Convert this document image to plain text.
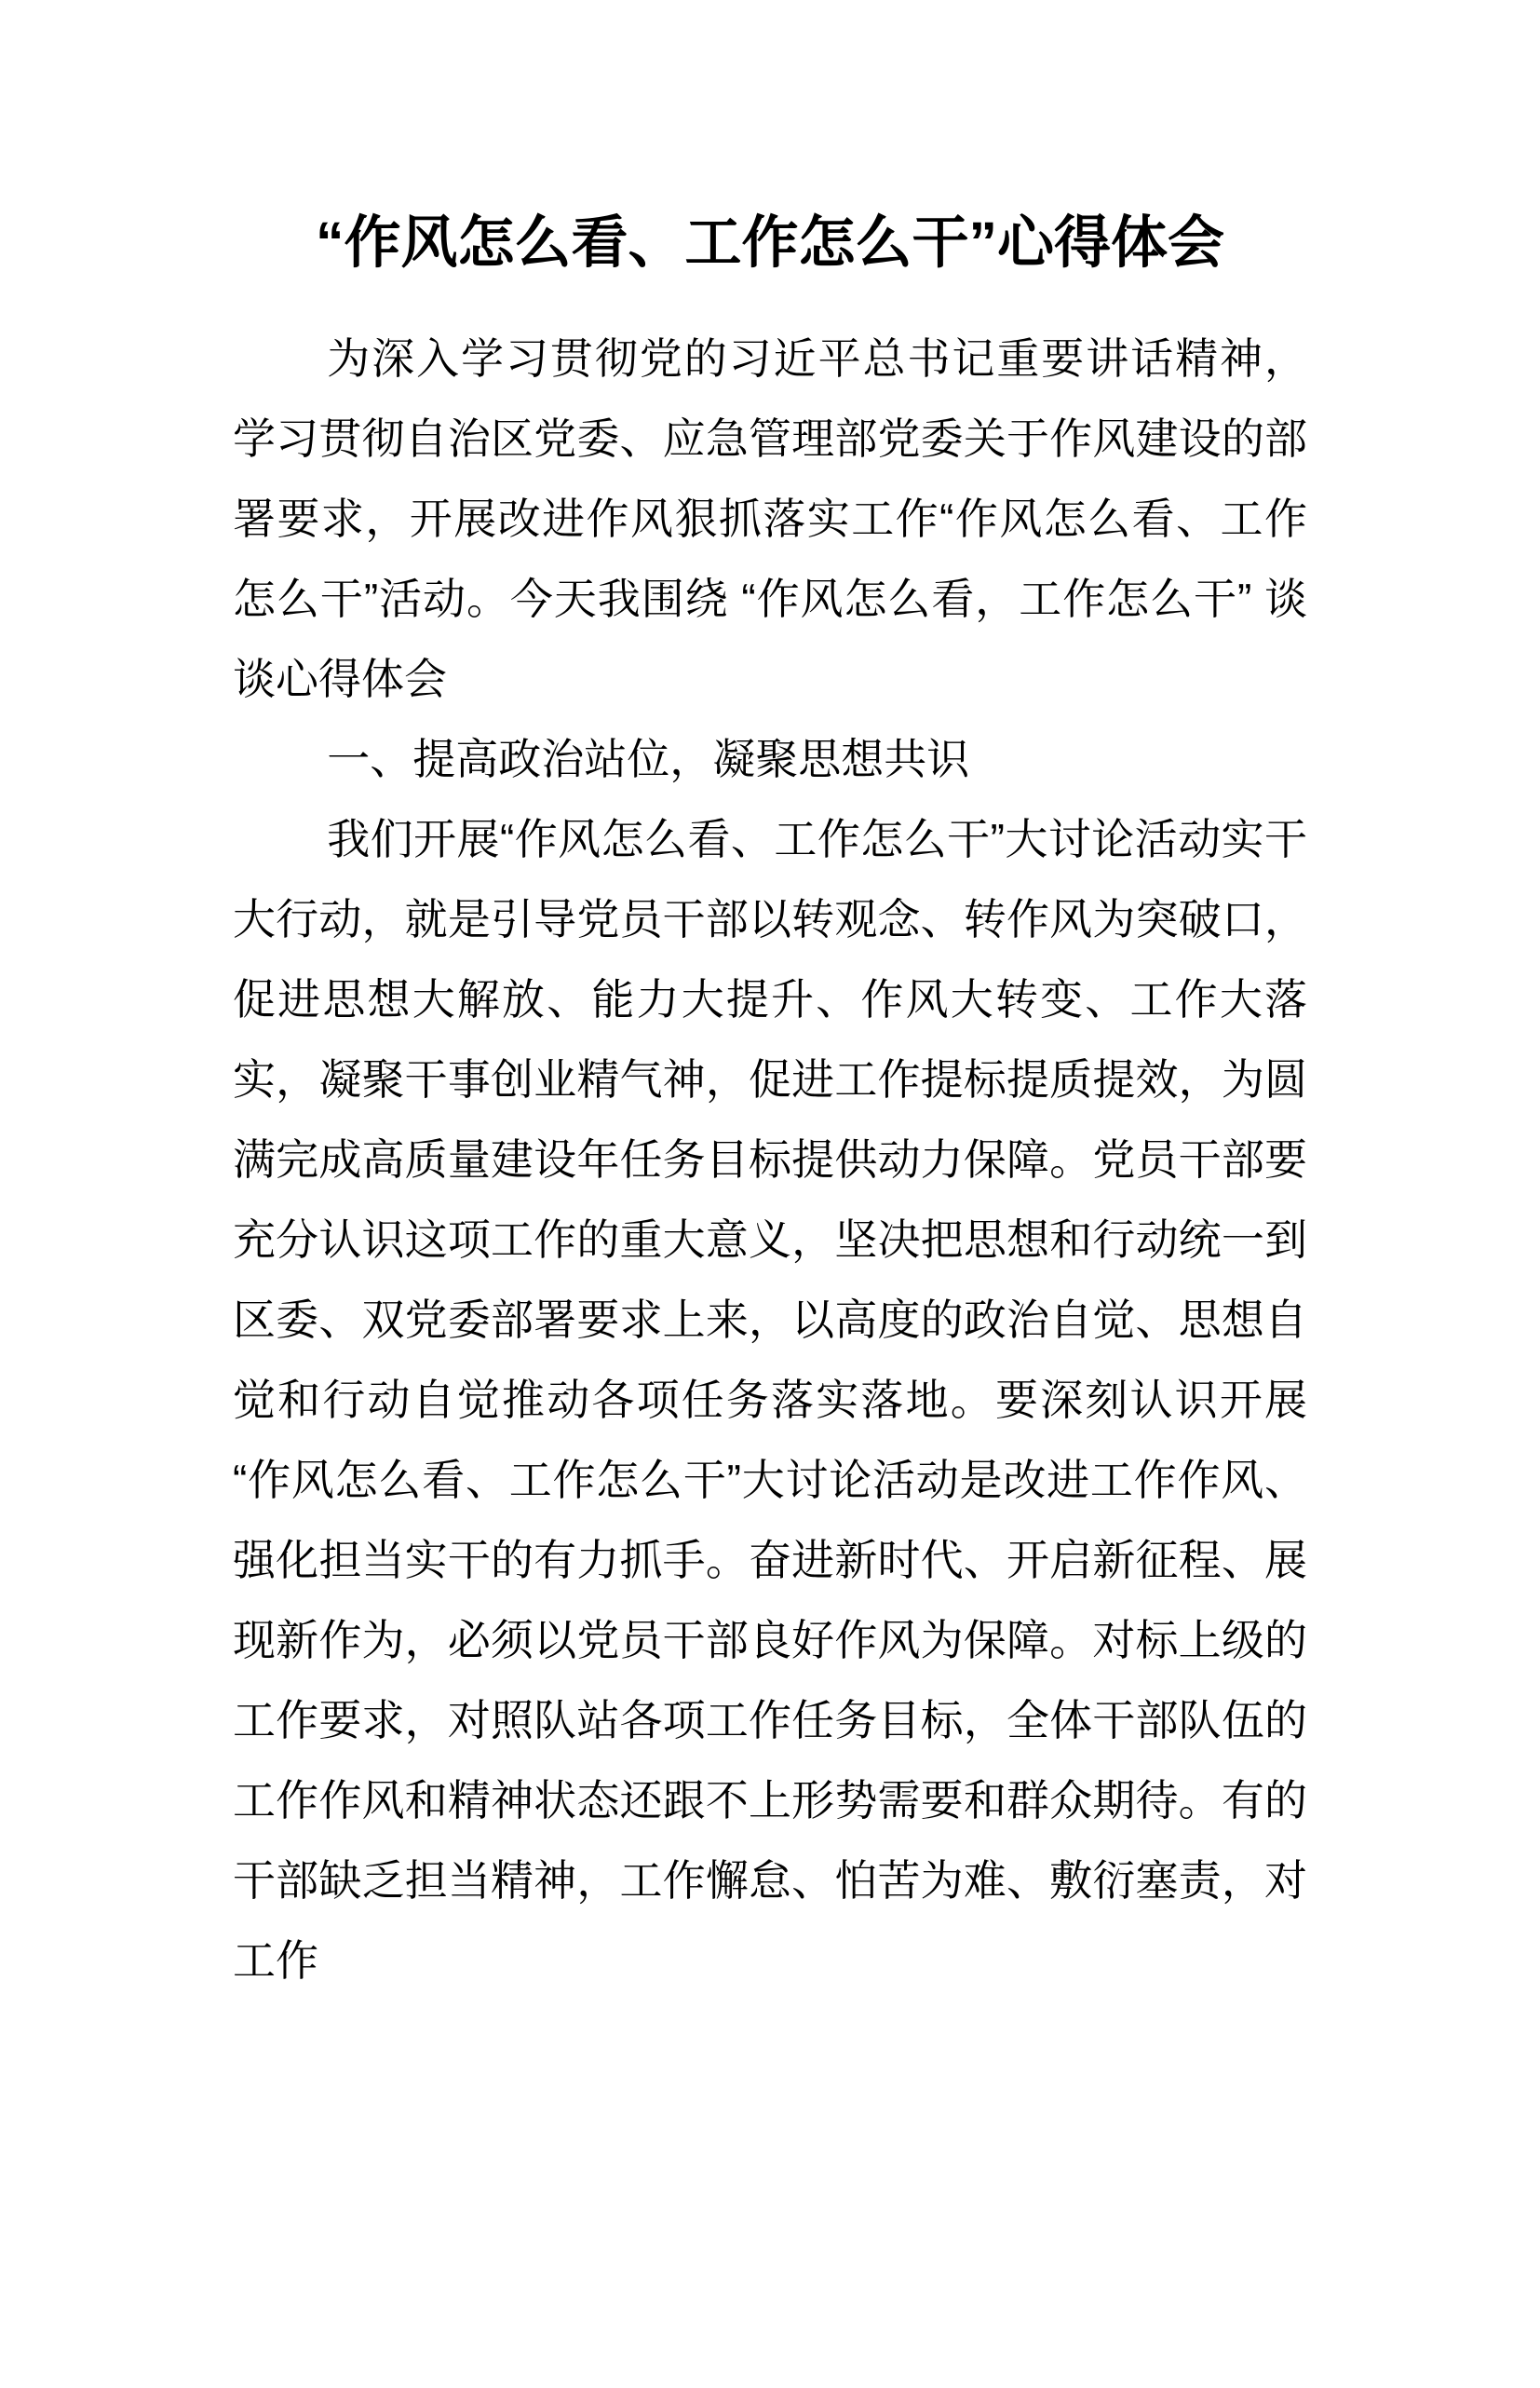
“作风怎么看、工作怎么干”心得体会

为深入学习贯彻党的习近平总书记重要讲话精神，学习贯彻自治区党委、应急管理部党委关于作风建设的部署要求，开展改进作风狠抓落实工作“作风怎么看、工作怎么干”活动。今天我围绕 “作风怎么看，工作怎么干” 谈谈心得体会

一、提高政治站位，凝聚思想共识

我们开展“作风怎么看、工作怎么干”大讨论活动实干大行动，就是引导党员干部以转观念、转作风为突破口，促进思想大解放、能力大提升、作风大转变、工作大落实，凝聚干事创业精气神，促进工作提标提质提效，为圆满完成高质量建设年任务目标提供动力保障。党员干部要充分认识这项工作的重大意义，坚决把思想和行动统一到区委、双党委部署要求上来，以高度的政治自觉、思想自觉和行动自觉推动各项任务落实落地。要深刻认识开展“作风怎么看、工作怎么干”大讨论活动是改进工作作风、强化担当实干的有力抓手。奋进新时代、开启新征程、展现新作为，必须以党员干部良好作风为保障。对标上级的工作要求，对照队站各项工作任务目标，全体干部队伍的工作作风和精神状态还跟不上形势需要和群众期待。有的干部缺乏担当精神，工作懈怠、怕苦为难、敷衍塞责，对工作
